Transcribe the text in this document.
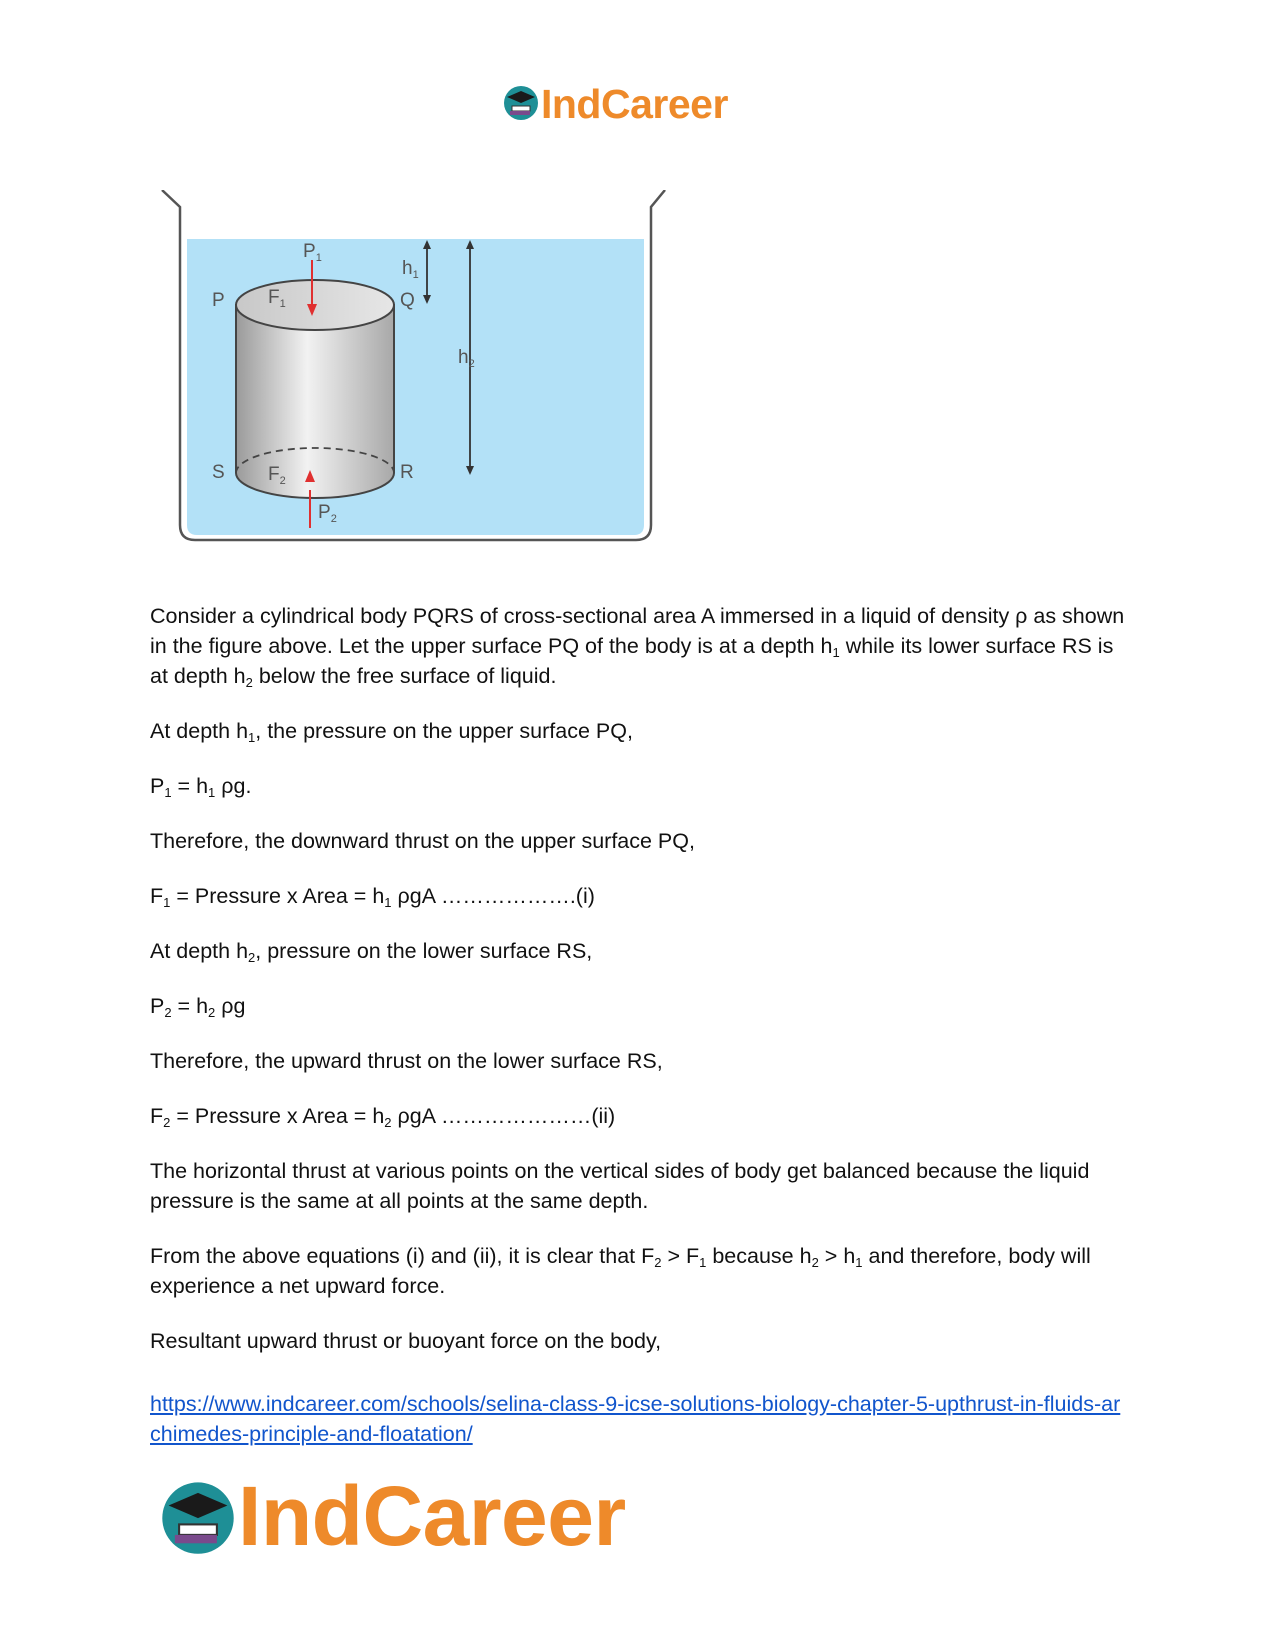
IndCareer
$P_1$
P $F_1$
$h_1$
Q
$h_2$
S $F_2$	R
$P_2$

Consider a cylindrical body PQRS of cross-sectional area A immersed in a liquid of density ρ as shown in the figure above. Let the upper surface PQ of the body is at a depth $h_1$ while its lower surface RS is at depth $h_2$ below the free surface of liquid.

At depth $h_1$, the pressure on the upper surface PQ,

$P_1 = h_1$ ρg.

Therefore, the downward thrust on the upper surface PQ,

$F_1$ = Pressure x Area = $h_1$ ρgA ……………….(i)

At depth $h_2$, pressure on the lower surface RS,

$P_2 = h_2$ ρg

Therefore, the upward thrust on the lower surface RS,

$F_2$ = Pressure x Area = $h_2$ ρgA …………………(ii)

The horizontal thrust at various points on the vertical sides of body get balanced because the liquid pressure is the same at all points at the same depth.

From the above equations (i) and (ii), it is clear that $F_2 > F_1$ because $h_2 > h_1$ and therefore, body will experience a net upward force.

Resultant upward thrust or buoyant force on the body,

https://www.indcareer.com/schools/selina-class-9-icse-solutions-biology-chapter-5-upthrust-in-fluids-archimedes-principle-and-floatation/
IndCareer
